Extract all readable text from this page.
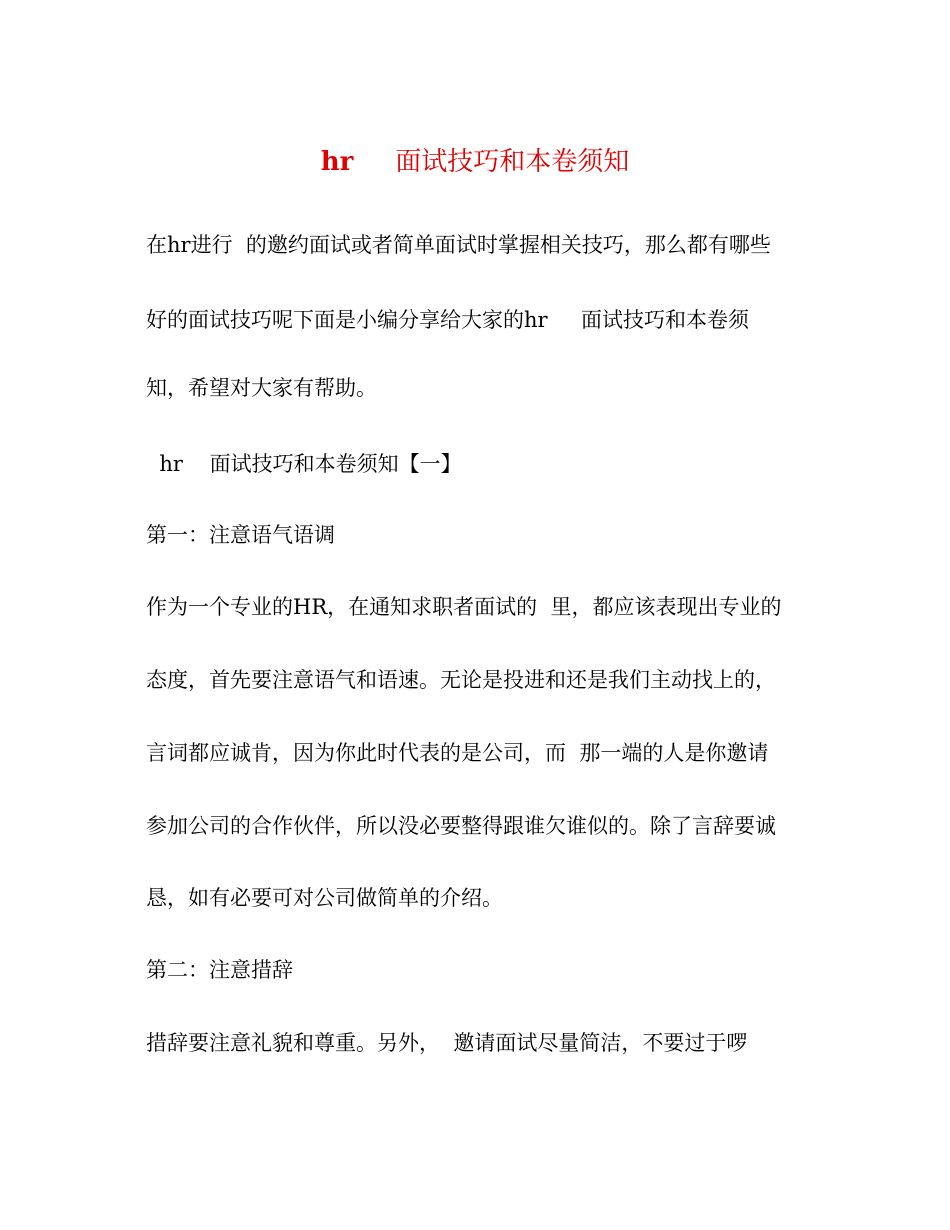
hr 面试技巧和本卷须知
在hr进行  的邀约面试或者简单面试时掌握相关技巧，那么都有哪些
好的面试技巧呢下面是小编分享给大家的hr     面试技巧和本卷须
知，希望对大家有帮助。
hr    面试技巧和本卷须知【一】
第一：注意语气语调
作为一个专业的HR，在通知求职者面试的  里，都应该表现出专业的
态度，首先要注意语气和语速。无论是投进和还是我们主动找上的，
言词都应诚肯，因为你此时代表的是公司，而  那一端的人是你邀请
参加公司的合作伙伴，所以没必要整得跟谁欠谁似的。除了言辞要诚
恳，如有必要可对公司做简单的介绍。
第二：注意措辞
措辞要注意礼貌和尊重。另外，  邀请面试尽量简洁，不要过于啰
